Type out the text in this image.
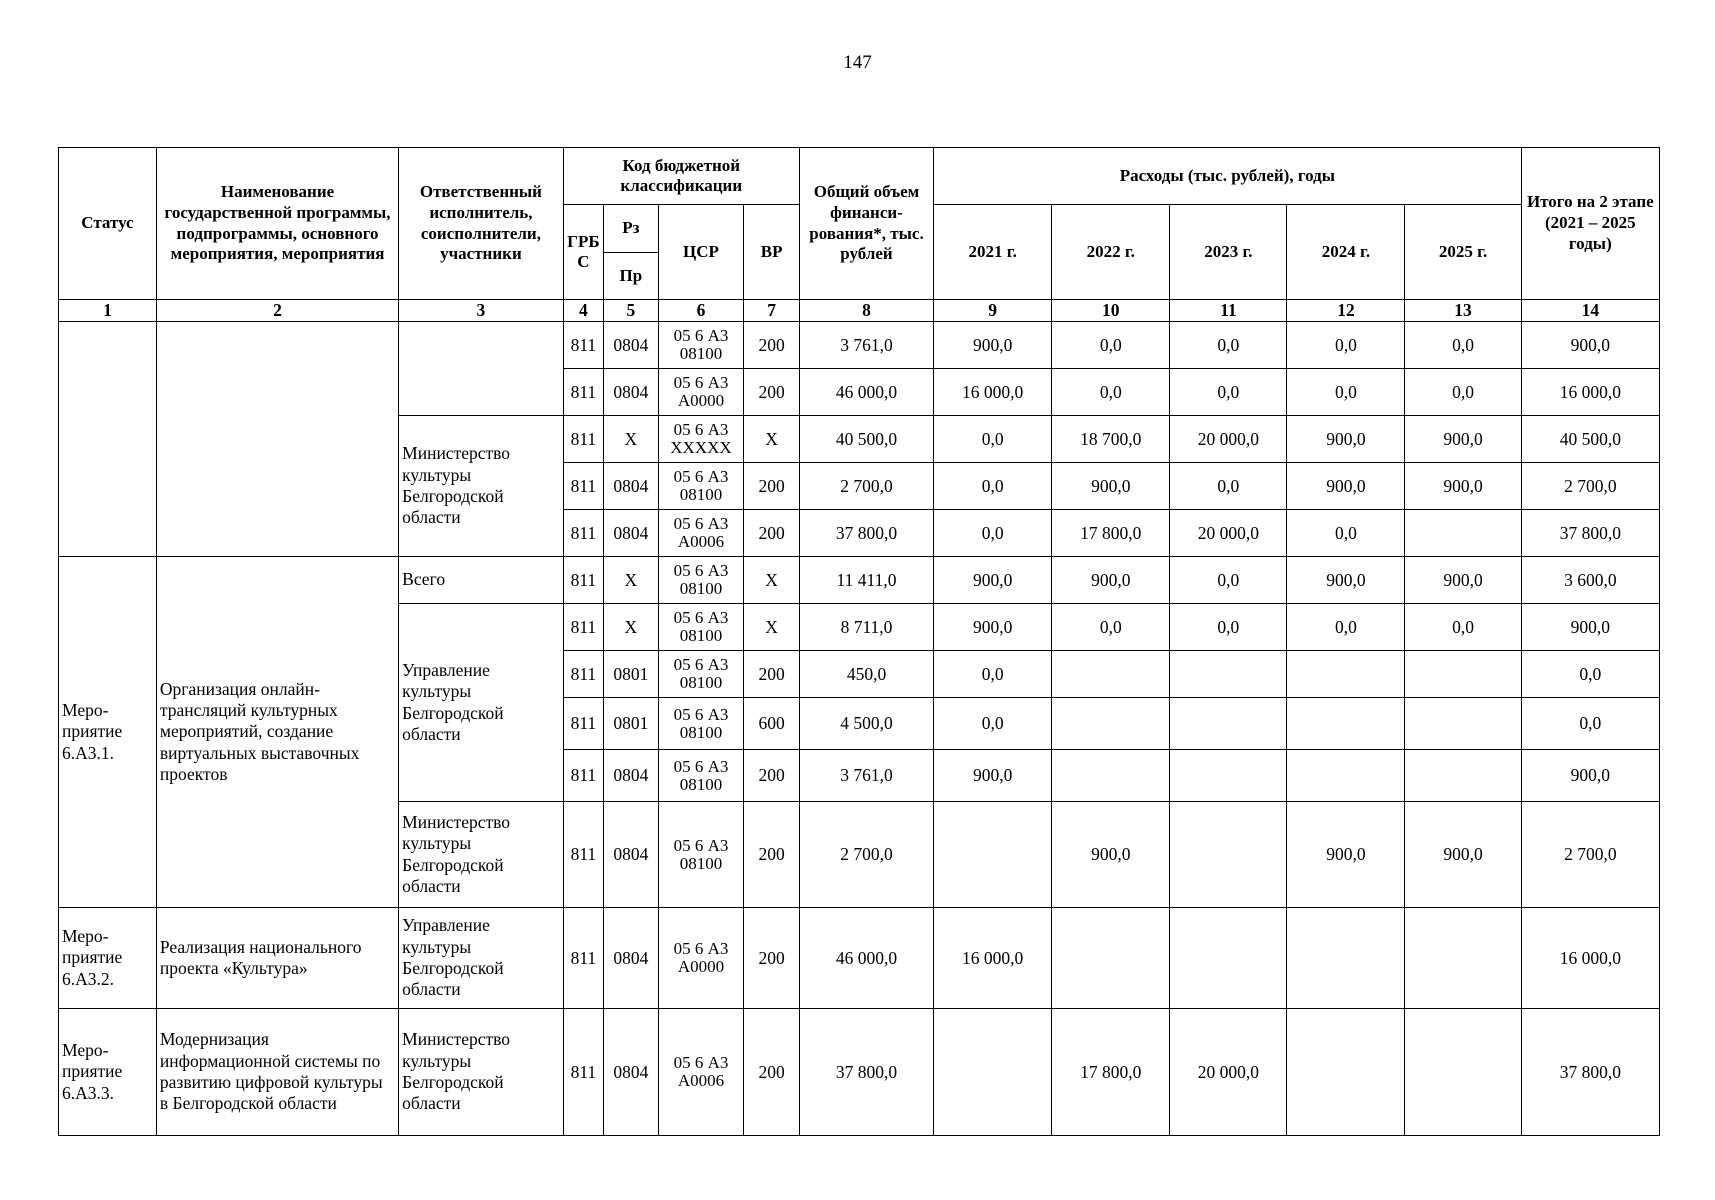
147
Статус	Наименование государственной программы, подпрограммы, основного мероприятия, мероприятия	Ответственный исполнитель, соисполнители, участники	Код бюджетной классификации				Общий объем финанси-рования*, тыс. рублей	Расходы (тыс. рублей), годы					Итого на 2 этапе (2021 – 2025 годы)
			ГРБС	Рз	ЦСР	ВР		2021 г.	2022 г.	2023 г.	2024 г.	2025 г.	
				Пр									
1	2	3	4	5	6	7	8	9	10	11	12	13	14
			811	0804	05 6 А3 08100	200	3 761,0	900,0	0,0	0,0	0,0	0,0	900,0
			811	0804	05 6 А3 А0000	200	46 000,0	16 000,0	0,0	0,0	0,0	0,0	16 000,0
		Министерство культуры Белгородской области	811	Х	05 6 А3 ХХХХХ	Х	40 500,0	0,0	18 700,0	20 000,0	900,0	900,0	40 500,0
			811	0804	05 6 А3 08100	200	2 700,0	0,0	900,0	0,0	900,0	900,0	2 700,0
			811	0804	05 6 А3 А0006	200	37 800,0	0,0	17 800,0	20 000,0	0,0		37 800,0
Меро-приятие 6.А3.1.	Организация онлайн-трансляций культурных мероприятий, создание виртуальных выставочных проектов	Всего	811	Х	05 6 А3 08100	Х	11 411,0	900,0	900,0	0,0	900,0	900,0	3 600,0
		Управление культуры Белгородской области	811	Х	05 6 А3 08100	Х	8 711,0	900,0	0,0	0,0	0,0	0,0	900,0
			811	0801	05 6 А3 08100	200	450,0	0,0					0,0
			811	0801	05 6 А3 08100	600	4 500,0	0,0					0,0
			811	0804	05 6 А3 08100	200	3 761,0	900,0					900,0
		Министерство культуры Белгородской области	811	0804	05 6 А3 08100	200	2 700,0		900,0		900,0	900,0	2 700,0
Меро-приятие 6.А3.2.	Реализация национального проекта «Культура»	Управление культуры Белгородской области	811	0804	05 6 А3 А0000	200	46 000,0	16 000,0					16 000,0
Меро-приятие 6.А3.3.	Модернизация информационной системы по развитию цифровой культуры в Белгородской области	Министерство культуры Белгородской области	811	0804	05 6 А3 А0006	200	37 800,0		17 800,0	20 000,0			37 800,0
